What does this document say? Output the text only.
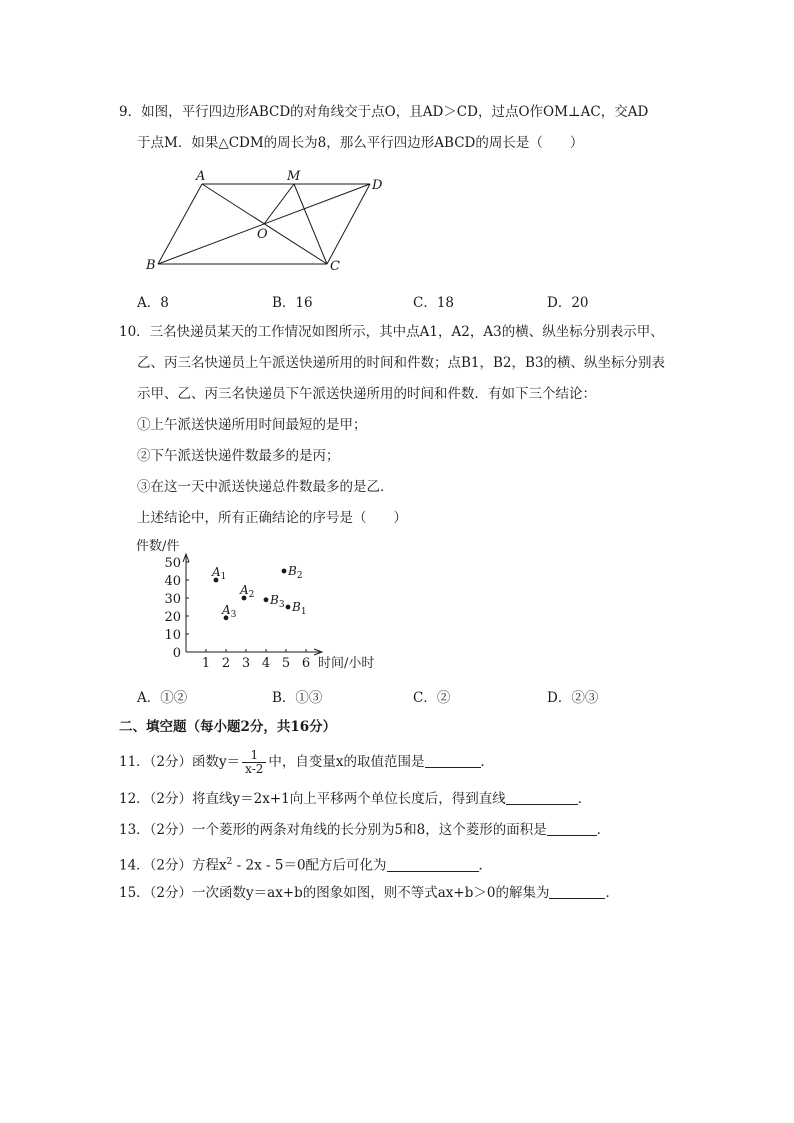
9．如图，平行四边形ABCD的对角线交于点O，且AD＞CD，过点O作OM⊥AC，交AD
于点M．如果△CDM的周长为8，那么平行四边形ABCD的周长是（　　）
A	M
D
O
B	C
A．8	B．16	C．18	D．20
10．三名快递员某天的工作情况如图所示，其中点A1，A2，A3的横、纵坐标分别表示甲、
乙、丙三名快递员上午派送快递所用的时间和件数；点B1，B2，B3的横、纵坐标分别表
示甲、乙、丙三名快递员下午派送快递所用的时间和件数．有如下三个结论：
①上午派送快递所用时间最短的是甲；
②下午派送快递件数最多的是丙；
③在这一天中派送快递总件数最多的是乙．
上述结论中，所有正确结论的序号是（　　）
件数/件
时间/小时
1 2 3 4 5 6
0
10
20
30
40
50
$A_1$
$A_2$
$A_3$
$B_1$
$B_2$
$B_3$
A．①②	B．①③	C．②	D．②③
二、填空题（每小题2分，共16分）
11．（2分）函数$y= \frac{1}{x-2}$ 中，自变量x的取值范围是	．
12．（2分）将直线y＝2x+1向上平移两个单位长度后，得到直线	．
13．（2分）一个菱形的两条对角线的长分别为5和8，这个菱形的面积是	．
14．（2分）方程$x^2 - 2x - 5=0$配方后可化为	．
15．（2分）一次函数y＝ax+b的图象如图，则不等式ax+b＞0的解集为	．
